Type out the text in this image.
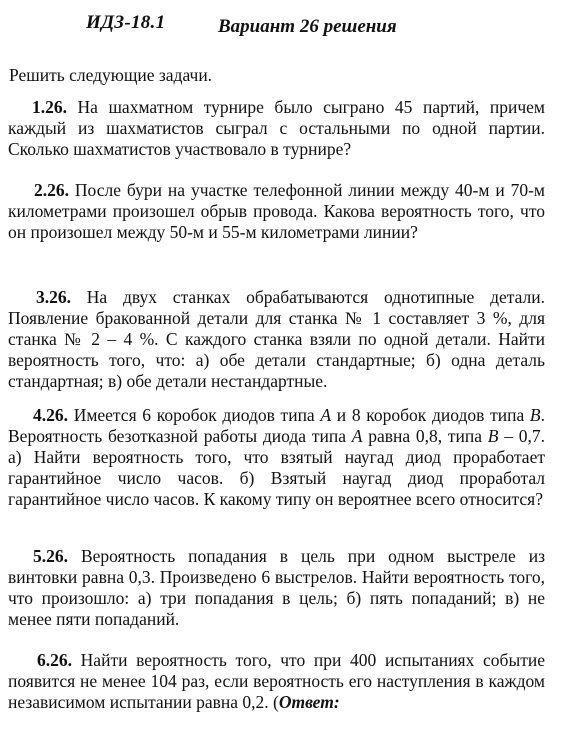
ИДЗ-18.1	Вариант 26 решения
Решить следующие задачи.
1.26. На шахматном турнире было сыграно 45 партий, причем каждый из шахматистов сыграл с остальными по одной партии. Сколько шахматистов участвовало в турнире?
2.26. После бури на участке телефонной линии между 40-м и 70-м километрами произошел обрыв провода. Какова вероятность того, что он произошел между 50-м и 55-м километрами линии?
3.26. На двух станках обрабатываются однотипные детали. Появление бракованной детали для станка № 1 составляет 3 %, для станка № 2 – 4 %. С каждого станка взяли по одной детали. Найти вероятность того, что: а) обе детали стандартные; б) одна деталь стандартная; в) обе детали нестандартные.
4.26. Имеется 6 коробок диодов типа A и 8 коробок диодов типа B. Вероятность безотказной работы диода типа A равна 0,8, типа B – 0,7. а) Найти вероятность того, что взятый наугад диод проработает гарантийное число часов. б) Взятый наугад диод проработал гарантийное число часов. К какому типу он вероятнее всего относится?
5.26. Вероятность попадания в цель при одном выстреле из винтовки равна 0,3. Произведено 6 выстрелов. Найти вероятность того, что произошло: а) три попадания в цель; б) пять попаданий; в) не менее пяти попаданий.
6.26. Найти вероятность того, что при 400 испытаниях событие появится не менее 104 раз, если вероятность его наступления в каждом независимом испытании равна 0,2. (Ответ:
